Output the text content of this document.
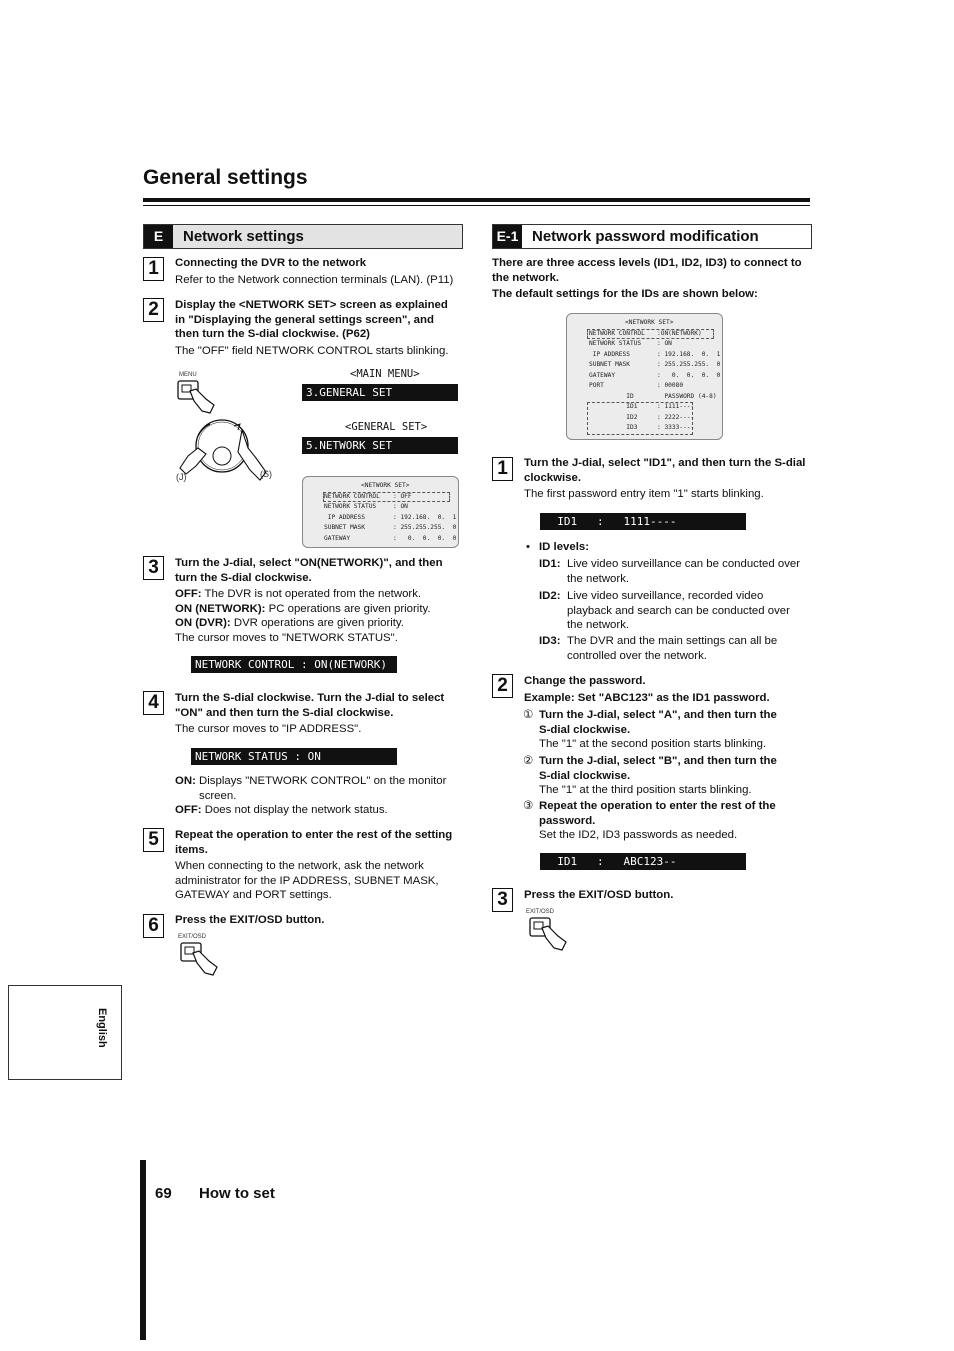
General settings
E	Network settings
1	Connecting the DVR to the network

Refer to the Network connection terminals (LAN). (P11)

2	Display the <NETWORK SET> screen as explained

in "Displaying the general settings screen", and

then turn the S-dial clockwise. (P62)

The "OFF" field NETWORK CONTROL starts blinking.

MENU
(J)	(S)
<MAIN MENU>
3.GENERAL SET
<GENERAL SET>
5.NETWORK SET

<NETWORK SET>

NETWORK CONTROL

: OFF

NETWORK STATUS

	: ON

IP ADDRESS

	: 192.168.  0.  1

SUBNET MASK

	: 255.255.255.  0

GATEWAY

	:   0.  0.  0.  0

3	Turn the J-dial, select "ON(NETWORK)", and then

turn the S-dial clockwise.

OFF: The DVR is not operated from the network.

ON (NETWORK): PC operations are given priority.

ON (DVR): DVR operations are given priority.

The cursor moves to "NETWORK STATUS".

NETWORK CONTROL : ON(NETWORK)
4	Turn the S-dial clockwise. Turn the J-dial to select

"ON" and then turn the S-dial clockwise.

The cursor moves to "IP ADDRESS".

NETWORK STATUS : ON

ON: Displays "NETWORK CONTROL" on the monitor

screen.

OFF: Does not display the network status.

5	Repeat the operation to enter the rest of the setting

items.

When connecting to the network, ask the network

administrator for the IP ADDRESS, SUBNET MASK,

GATEWAY and PORT settings.

6	Press the EXIT/OSD button.
EXIT/OSD
E-1 Network password modification

There are three access levels (ID1, ID2, ID3) to connect to

the network.

The default settings for the IDs are shown below:

<NETWORK SET>

NETWORK CONTROL

:ON(NETWORK)

NETWORK STATUS

	: ON

IP ADDRESS

	: 192.168.  0.  1

SUBNET MASK

	: 255.255.255.  0

GATEWAY

	:   0.  0.  0.  0

PORT

	: 00080

ID

	PASSWORD (4-8)

ID1

	: 1111----

ID2

	: 2222----

ID3

	: 3333----

1	Turn the J-dial, select "ID1", and then turn the S-dial

clockwise.

The first password entry item "1" starts blinking.

ID1   :   1111----
• ID levels:
ID1: Live video surveillance can be conducted over

the network.

ID2: Live video surveillance, recorded video

playback and search can be conducted over

the network.

ID3: The DVR and the main settings can all be

controlled over the network.

2	Change the password.

Example: Set "ABC123" as the ID1 password.

① Turn the J-dial, select "A", and then turn the

S-dial clockwise.

The "1" at the second position starts blinking.

② Turn the J-dial, select "B", and then turn the

S-dial clockwise.

The "1" at the third position starts blinking.

③ Repeat the operation to enter the rest of the

password.

Set the ID2, ID3 passwords as needed.

ID1   :   ABC123--
3	Press the EXIT/OSD button.
EXIT/OSD
English
69 How to set
